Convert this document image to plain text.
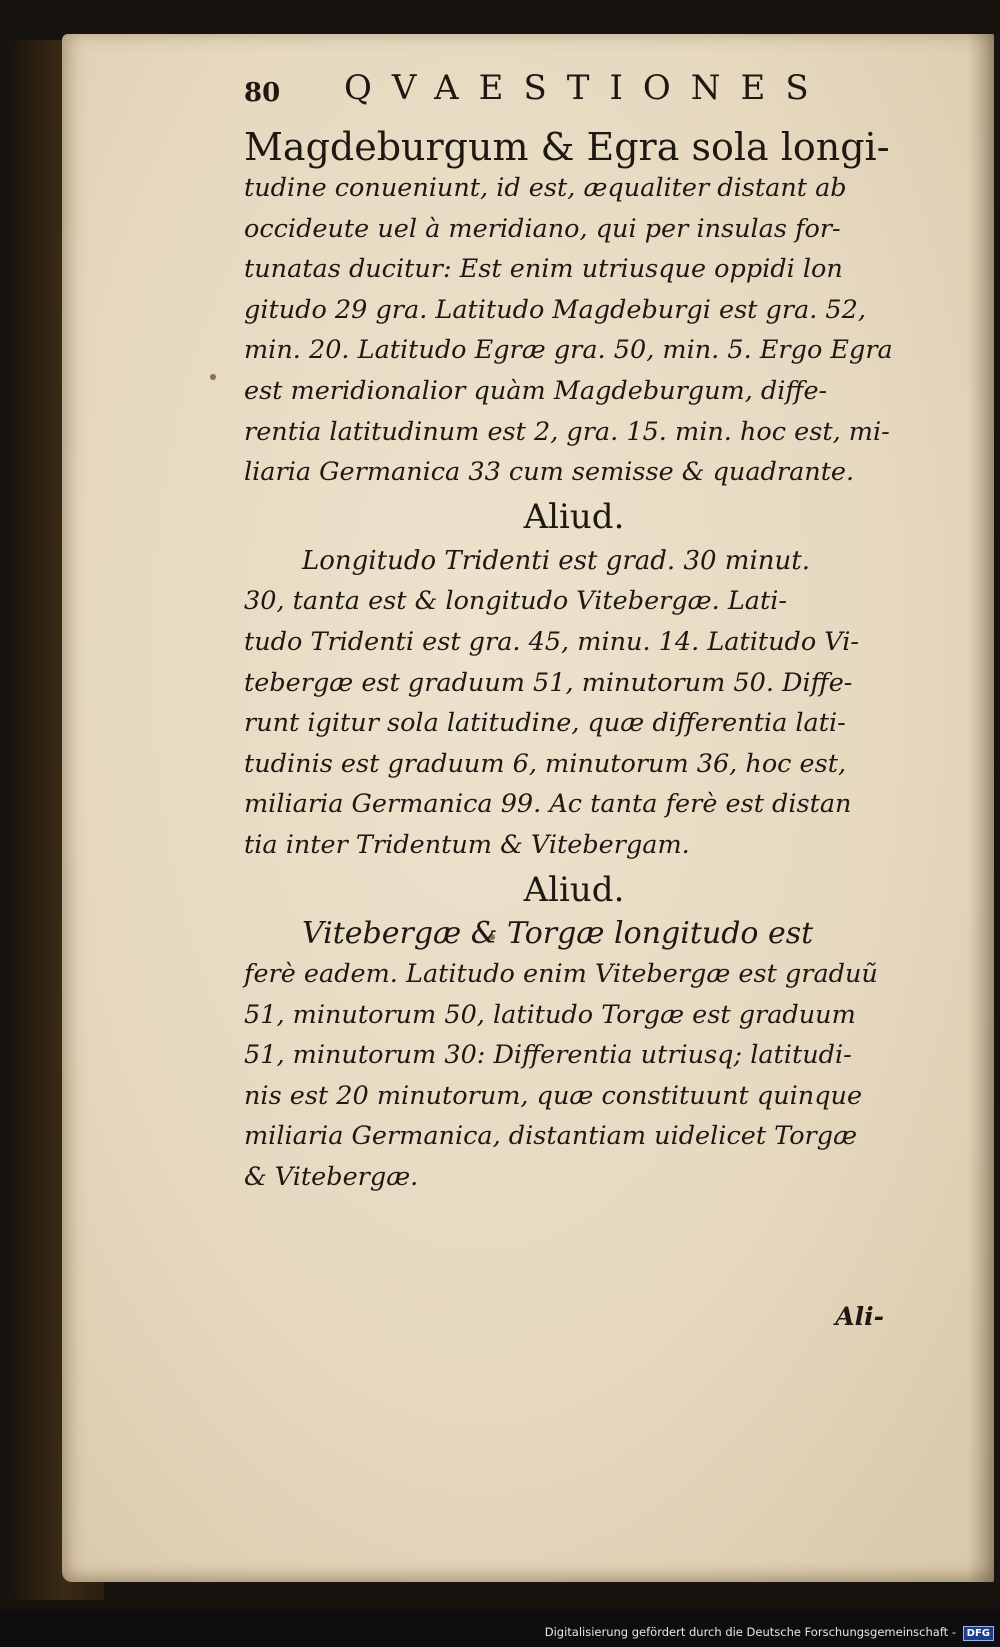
80 QVAESTIONES
Magdeburgum & Egra sola longi-
tudine conueniunt, id est, æqualiter distant ab
occideute uel à meridiano, qui per insulas for-
tunatas ducitur: Est enim utriusque oppidi lon
gitudo 29 gra. Latitudo Magdeburgi est gra. 52,
min. 20. Latitudo Egræ gra. 50, min. 5. Ergo Egra
est meridionalior quàm Magdeburgum, diffe-
rentia latitudinum est 2, gra. 15. min. hoc est, mi-
liaria Germanica 33 cum semisse & quadrante.

Aliud.

Longitudo Tridenti est grad. 30 minut.
30, tanta est & longitudo Vitebergæ. Lati-
tudo Tridenti est gra. 45, minu. 14. Latitudo Vi-
tebergæ est graduum 51, minutorum 50. Diffe-
runt igitur sola latitudine, quæ differentia lati-
tudinis est graduum 6, minutorum 36, hoc est,
miliaria Germanica 99. Ac tanta ferè est distan
tia inter Tridentum & Vitebergam.

Aliud.

Vitebergæ & Torgæ longitudo est
ferè eadem. Latitudo enim Vitebergæ est graduũ
51, minutorum 50, latitudo Torgæ est graduum
51, minutorum 30: Differentia utriusq; latitudi-
nis est 20 minutorum, quæ constituunt quinque
miliaria Germanica, distantiam uidelicet Torgæ
& Vitebergæ.
Ali-
Digitalisierung gefördert durch die Deutsche Forschungsgemeinschaft -	DFG
